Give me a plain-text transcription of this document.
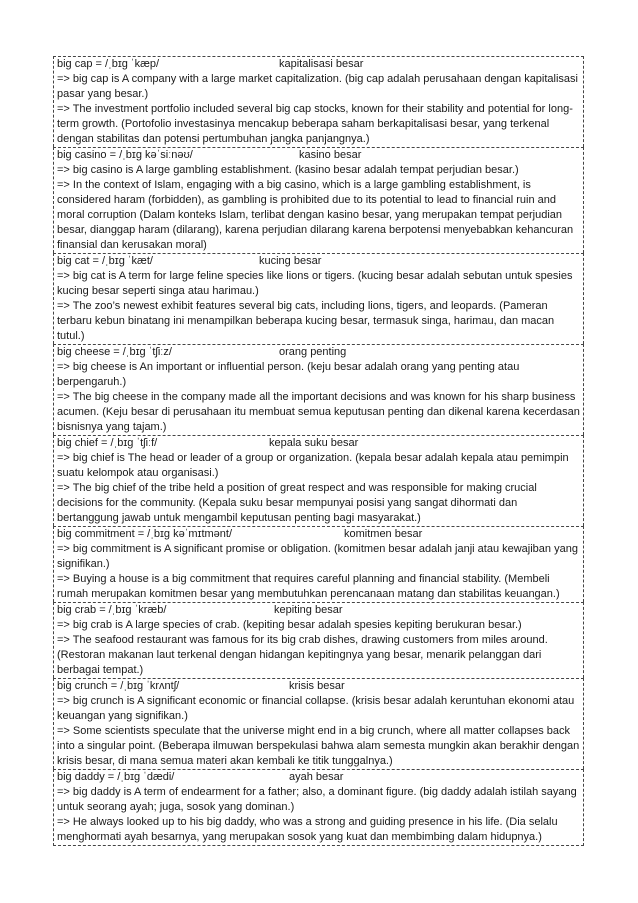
big cap = /ˌbɪɡ ˈkæp/	kapitalisasi besar
=> big cap is A company with a large market capitalization. (big cap adalah perusahaan dengan kapitalisasi pasar yang besar.)
=> The investment portfolio included several big cap stocks, known for their stability and potential for long-term growth. (Portofolio investasinya mencakup beberapa saham berkapitalisasi besar, yang terkenal dengan stabilitas dan potensi pertumbuhan jangka panjangnya.)
big casino = /ˌbɪɡ kəˈsiːnəʊ/	kasino besar
=> big casino is A large gambling establishment. (kasino besar adalah tempat perjudian besar.)
=> In the context of Islam, engaging with a big casino, which is a large gambling establishment, is considered haram (forbidden), as gambling is prohibited due to its potential to lead to financial ruin and moral corruption (Dalam konteks Islam, terlibat dengan kasino besar, yang merupakan tempat perjudian besar, dianggap haram (dilarang), karena perjudian dilarang karena berpotensi menyebabkan kehancuran finansial dan kerusakan moral)
big cat = /ˌbɪɡ ˈkæt/	kucing besar
=> big cat is A term for large feline species like lions or tigers. (kucing besar adalah sebutan untuk spesies kucing besar seperti singa atau harimau.)
=> The zoo’s newest exhibit features several big cats, including lions, tigers, and leopards. (Pameran terbaru kebun binatang ini menampilkan beberapa kucing besar, termasuk singa, harimau, dan macan tutul.)
big cheese = /ˌbɪɡ ˈtʃiːz/	orang penting
=> big cheese is An important or influential person. (keju besar adalah orang yang penting atau berpengaruh.)
=> The big cheese in the company made all the important decisions and was known for his sharp business acumen. (Keju besar di perusahaan itu membuat semua keputusan penting dan dikenal karena kecerdasan bisnisnya yang tajam.)
big chief = /ˌbɪɡ ˈtʃiːf/	kepala suku besar
=> big chief is The head or leader of a group or organization. (kepala besar adalah kepala atau pemimpin suatu kelompok atau organisasi.)
=> The big chief of the tribe held a position of great respect and was responsible for making crucial decisions for the community. (Kepala suku besar mempunyai posisi yang sangat dihormati dan bertanggung jawab untuk mengambil keputusan penting bagi masyarakat.)
big commitment = /ˌbɪɡ kəˈmɪtmənt/	komitmen besar
=> big commitment is A significant promise or obligation. (komitmen besar adalah janji atau kewajiban yang signifikan.)
=> Buying a house is a big commitment that requires careful planning and financial stability. (Membeli rumah merupakan komitmen besar yang membutuhkan perencanaan matang dan stabilitas keuangan.)
big crab = /ˌbɪɡ ˈkræb/	kepiting besar
=> big crab is A large species of crab. (kepiting besar adalah spesies kepiting berukuran besar.)
=> The seafood restaurant was famous for its big crab dishes, drawing customers from miles around. (Restoran makanan laut terkenal dengan hidangan kepitingnya yang besar, menarik pelanggan dari berbagai tempat.)
big crunch = /ˌbɪɡ ˈkrʌntʃ/	krisis besar
=> big crunch is A significant economic or financial collapse. (krisis besar adalah keruntuhan ekonomi atau keuangan yang signifikan.)
=> Some scientists speculate that the universe might end in a big crunch, where all matter collapses back into a singular point. (Beberapa ilmuwan berspekulasi bahwa alam semesta mungkin akan berakhir dengan krisis besar, di mana semua materi akan kembali ke titik tunggalnya.)
big daddy = /ˌbɪɡ ˈdædi/	ayah besar
=> big daddy is A term of endearment for a father; also, a dominant figure. (big daddy adalah istilah sayang untuk seorang ayah; juga, sosok yang dominan.)
=> He always looked up to his big daddy, who was a strong and guiding presence in his life. (Dia selalu menghormati ayah besarnya, yang merupakan sosok yang kuat dan membimbing dalam hidupnya.)
